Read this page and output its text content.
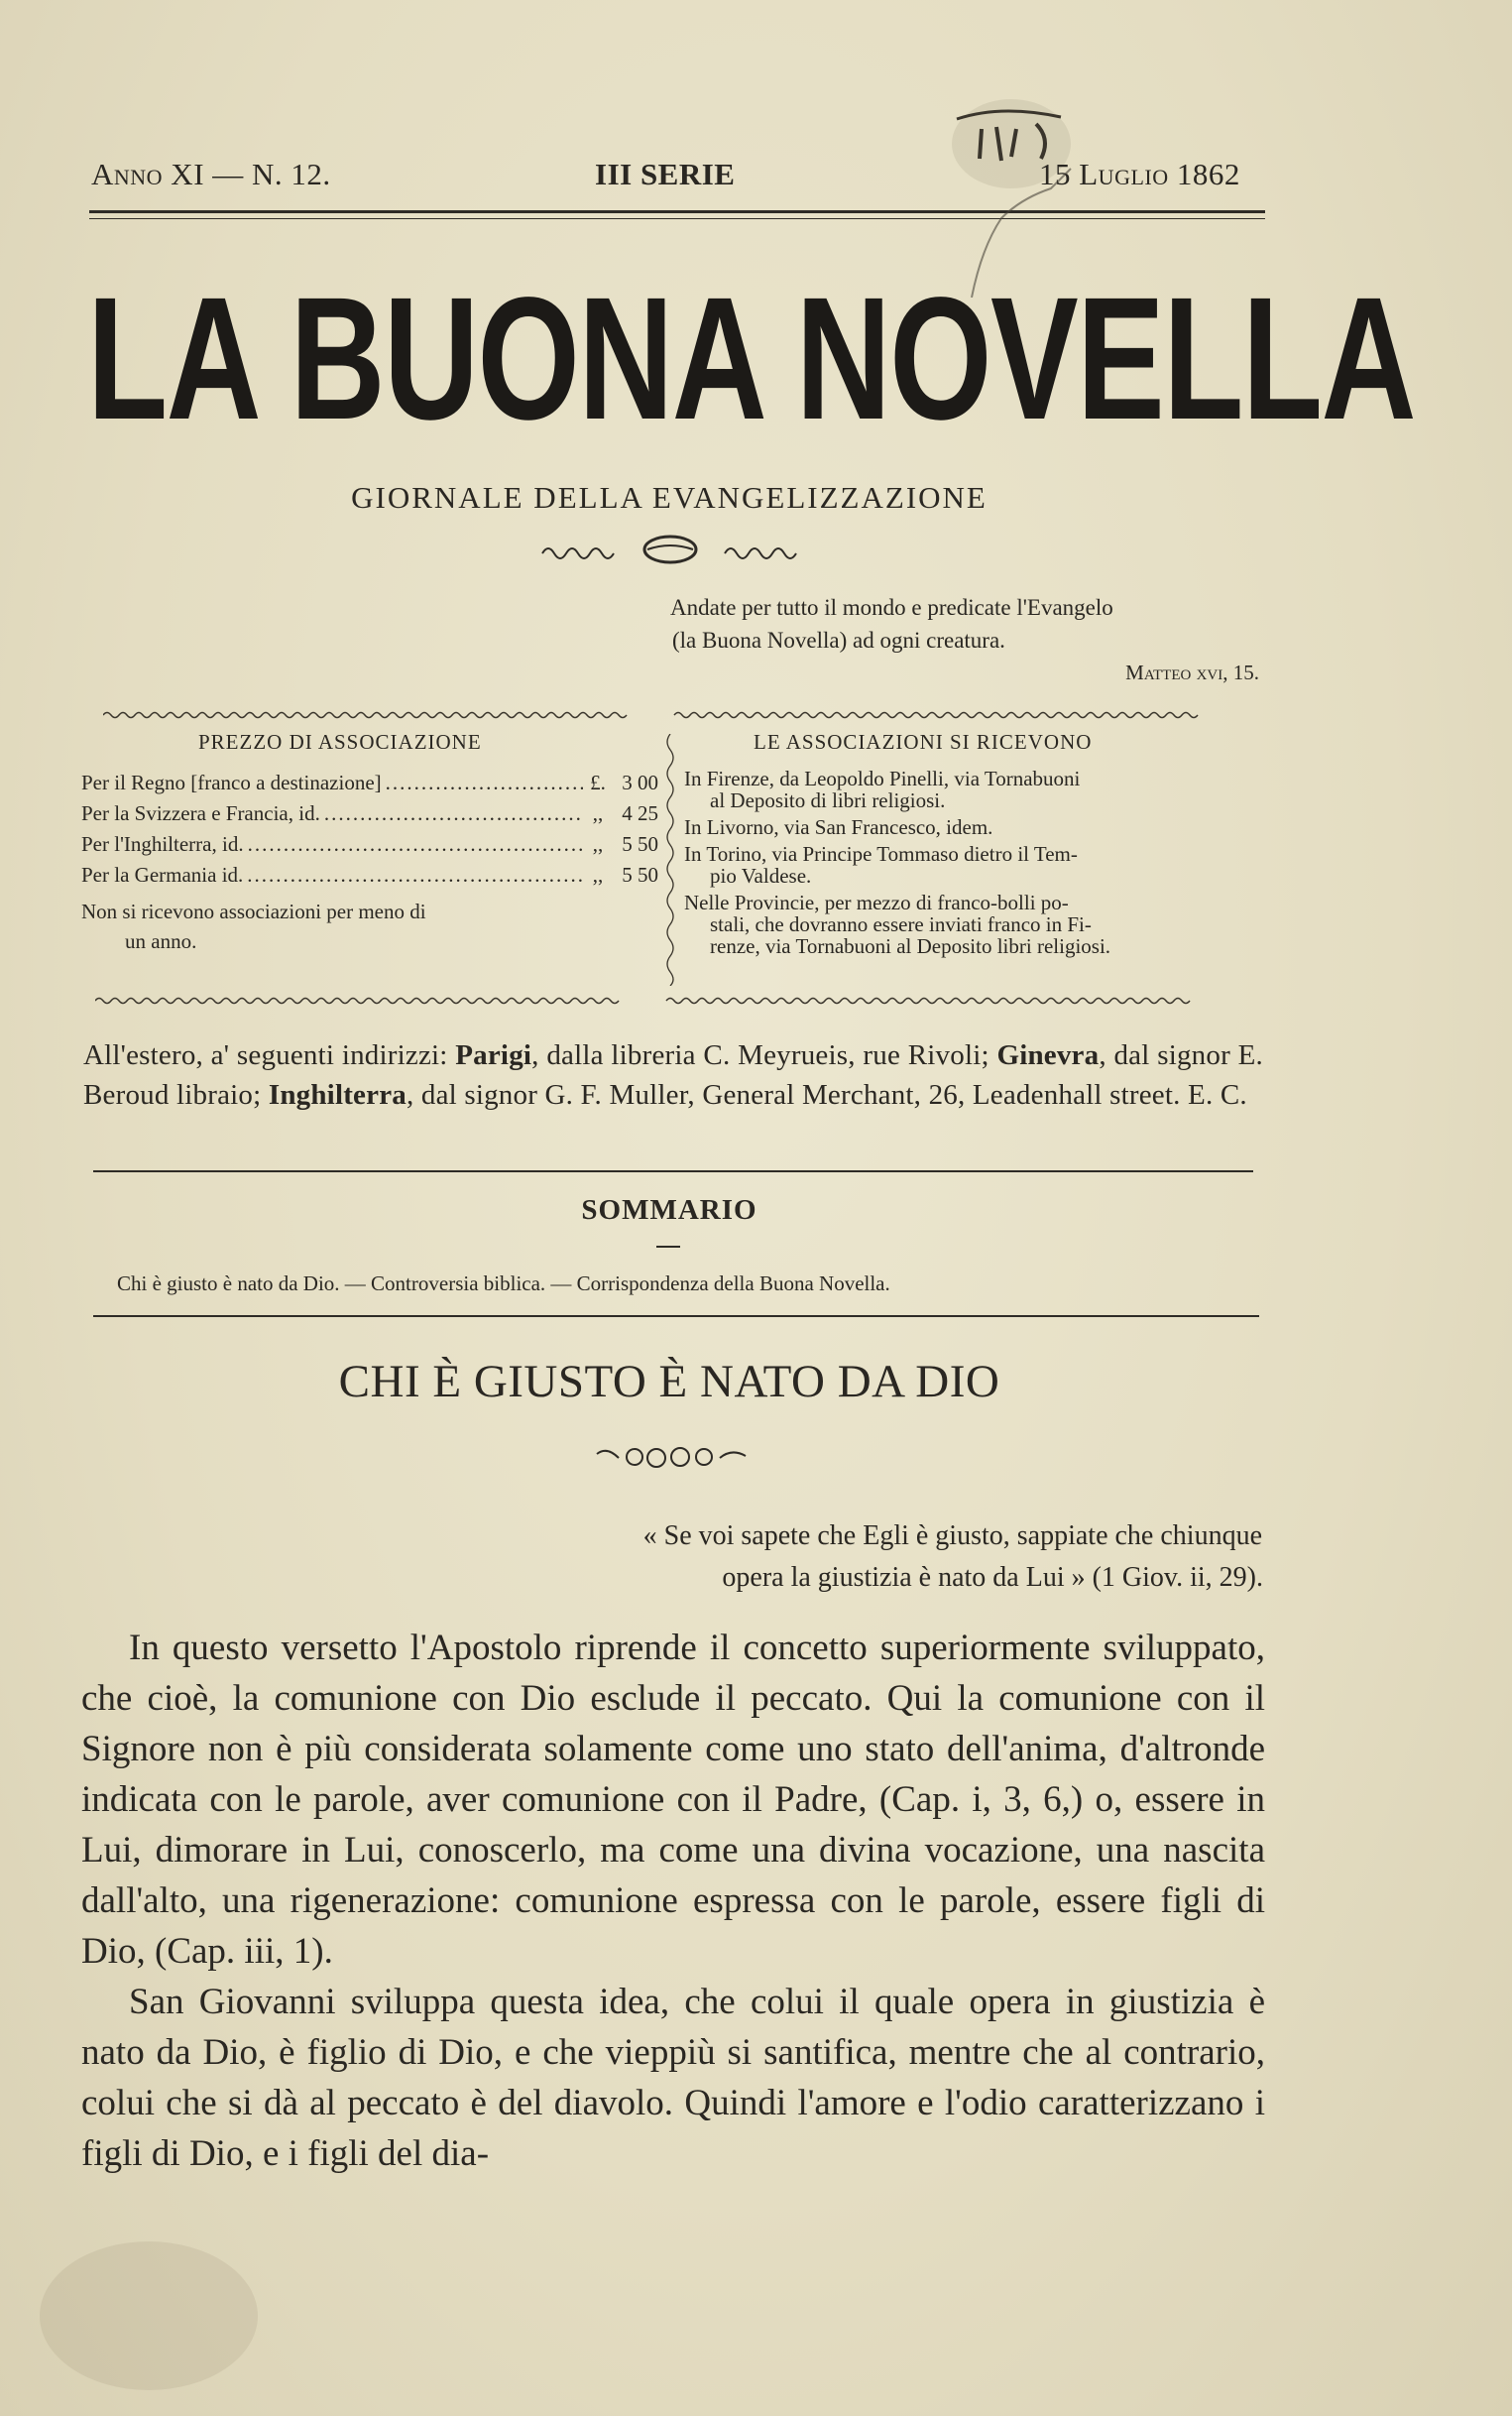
Anno XI — N. 12.	III SERIE	15 Luglio 1862
LA BUONA NOVELLA
GIORNALE DELLA EVANGELIZZAZIONE
Andate per tutto il mondo e predicate l'Evangelo
(la Buona Novella) ad ogni creatura.
Matteo xvi, 15.
PREZZO DI ASSOCIAZIONE	LE ASSOCIAZIONI SI RICEVONO
Per il Regno [franco a destinazione] .....	£. 3 00
Per la Svizzera e Francia, id. .....	,, 4 25
Per l'Inghilterra, id. .....	,, 5 50
Per la Germania id. .....	,, 5 50
Non si ricevono associazioni per meno di
un anno.
In Firenze, da Leopoldo Pinelli, via Tornabuoni
al Deposito di libri religiosi.
In Livorno, via San Francesco, idem.
In Torino, via Principe Tommaso dietro il Tem-
pio Valdese.
Nelle Provincie, per mezzo di franco-bolli po-
stali, che dovranno essere inviati franco in Fi-
renze, via Tornabuoni al Deposito libri religiosi.
All'estero, a' seguenti indirizzi: Parigi, dalla libreria C. Meyrueis, rue Rivoli; Ginevra, dal signor E. Beroud libraio; Inghilterra, dal signor G. F. Muller, General Merchant, 26, Leadenhall street. E. C.
SOMMARIO
Chi è giusto è nato da Dio. — Controversia biblica. — Corrispondenza della Buona Novella.
CHI È GIUSTO È NATO DA DIO
« Se voi sapete che Egli è giusto, sappiate che chiunque
opera la giustizia è nato da Lui » (1 Giov. ii, 29).

In questo versetto l'Apostolo riprende il concetto superiormente sviluppato, che cioè, la comunione con Dio esclude il peccato. Qui la comunione con il Signore non è più considerata solamente come uno stato dell'anima, d'altronde indicata con le parole, aver comunione con il Padre, (Cap. i, 3, 6,) o, essere in Lui, dimorare in Lui, conoscerlo, ma come una divina vocazione, una nascita dall'alto, una rigenerazione: comunione espressa con le parole, essere figli di Dio, (Cap. iii, 1).

San Giovanni sviluppa questa idea, che colui il quale opera in giustizia è nato da Dio, è figlio di Dio, e che vieppiù si santifica, mentre che al contrario, colui che si dà al peccato è del diavolo. Quindi l'amore e l'odio caratterizzano i figli di Dio, e i figli del dia-
